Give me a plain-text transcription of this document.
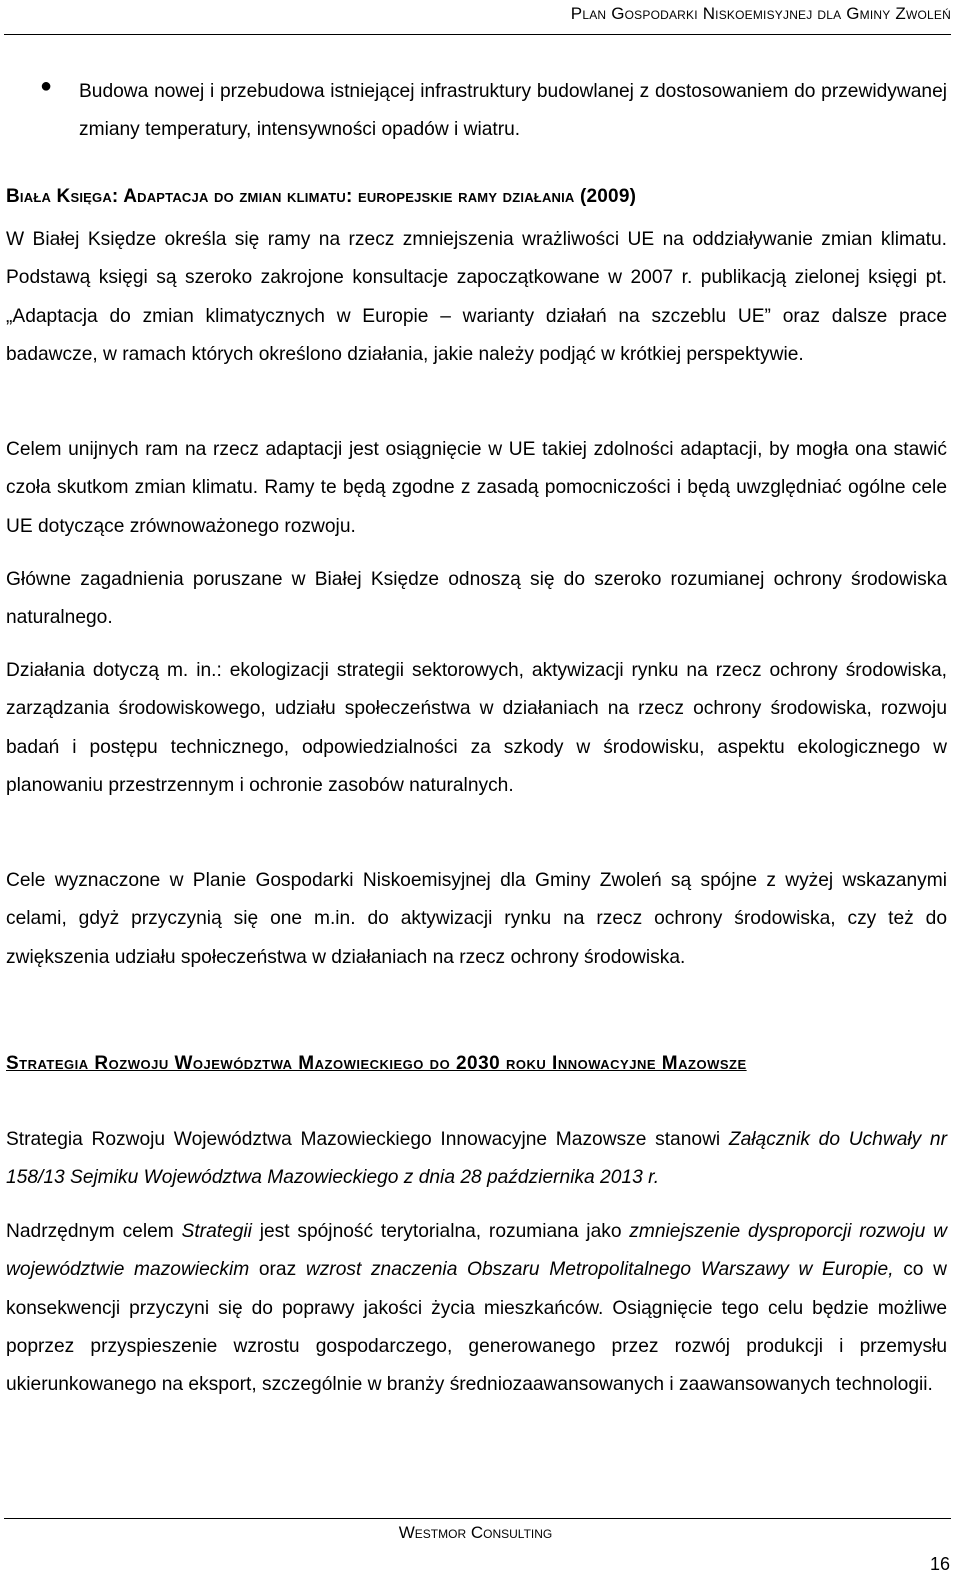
Plan Gospodarki Niskoemisyjnej dla Gminy Zwoleń
● Budowa nowej i przebudowa istniejącej infrastruktury budowlanej z dostosowaniem do przewidywanej zmiany temperatury, intensywności opadów i wiatru.
Biała Księga: Adaptacja do zmian klimatu: europejskie ramy działania (2009)
W Białej Księdze określa się ramy na rzecz zmniejszenia wrażliwości UE na oddziaływanie zmian klimatu. Podstawą księgi są szeroko zakrojone konsultacje zapoczątkowane w 2007 r. publikacją zielonej księgi pt. „Adaptacja do zmian klimatycznych w Europie – warianty działań na szczeblu UE” oraz dalsze prace badawcze, w ramach których określono działania, jakie należy podjąć w krótkiej perspektywie.
Celem unijnych ram na rzecz adaptacji jest osiągnięcie w UE takiej zdolności adaptacji, by mogła ona stawić czoła skutkom zmian klimatu. Ramy te będą zgodne z zasadą pomocniczości i będą uwzględniać ogólne cele UE dotyczące zrównoważonego rozwoju.
Główne zagadnienia poruszane w Białej Księdze odnoszą się do szeroko rozumianej ochrony środowiska naturalnego.
Działania dotyczą m. in.: ekologizacji strategii sektorowych, aktywizacji rynku na rzecz ochrony środowiska, zarządzania środowiskowego, udziału społeczeństwa w działaniach na rzecz ochrony środowiska, rozwoju badań i postępu technicznego, odpowiedzialności za szkody w środowisku, aspektu ekologicznego w planowaniu przestrzennym i ochronie zasobów naturalnych.
Cele wyznaczone w Planie Gospodarki Niskoemisyjnej dla Gminy Zwoleń są spójne z wyżej wskazanymi celami, gdyż przyczynią się one m.in. do aktywizacji rynku na rzecz ochrony środowiska, czy też do zwiększenia udziału społeczeństwa w działaniach na rzecz ochrony środowiska.
Strategia Rozwoju Województwa Mazowieckiego do 2030 roku Innowacyjne Mazowsze
Strategia Rozwoju Województwa Mazowieckiego Innowacyjne Mazowsze stanowi Załącznik do Uchwały nr 158/13 Sejmiku Województwa Mazowieckiego z dnia 28 października 2013 r.
Nadrzędnym celem Strategii jest spójność terytorialna, rozumiana jako zmniejszenie dysproporcji rozwoju w województwie mazowieckim oraz wzrost znaczenia Obszaru Metropolitalnego Warszawy w Europie, co w konsekwencji przyczyni się do poprawy jakości życia mieszkańców. Osiągnięcie tego celu będzie możliwe poprzez przyspieszenie wzrostu gospodarczego, generowanego przez rozwój produkcji i przemysłu ukierunkowanego na eksport, szczególnie w branży średniozaawansowanych i zaawansowanych technologii.
Westmor Consulting
16
